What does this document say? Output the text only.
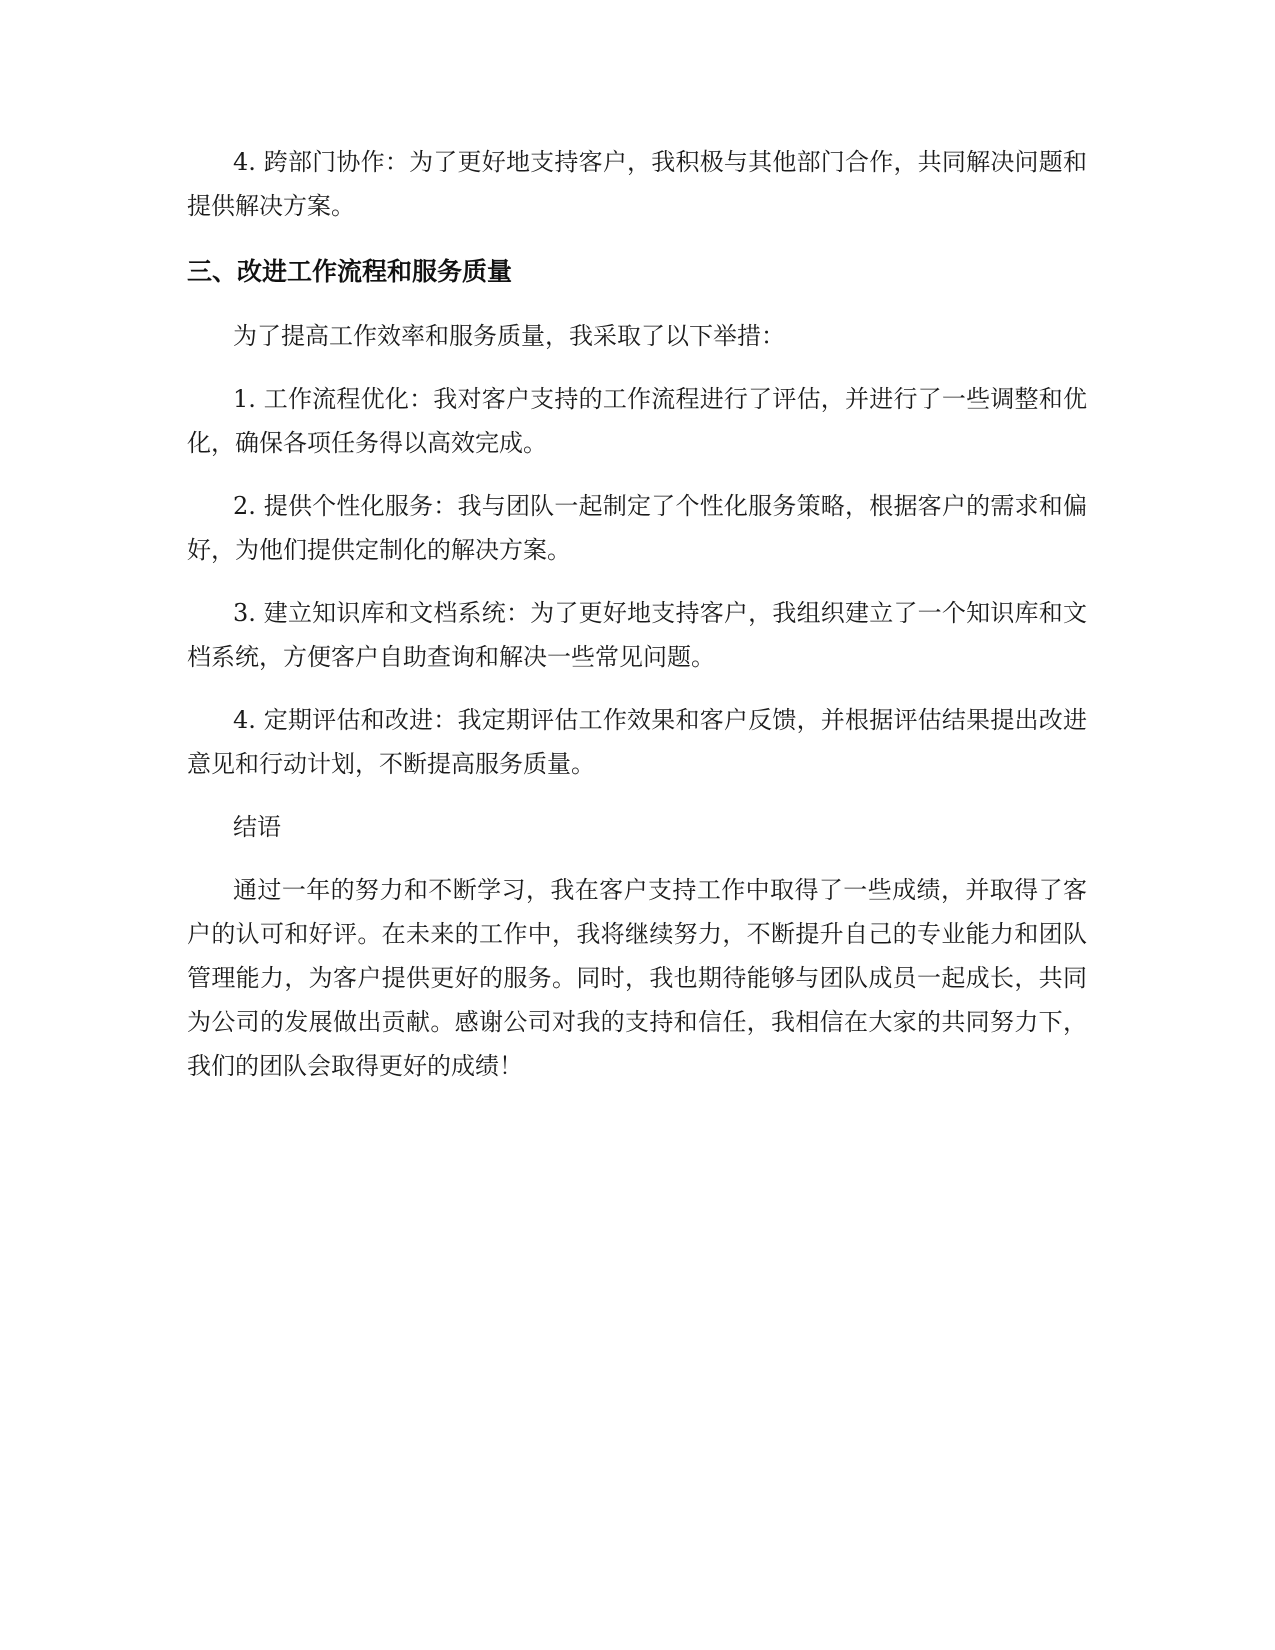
4. 跨部门协作：为了更好地支持客户，我积极与其他部门合作，共同解决问题和提供解决方案。

三、改进工作流程和服务质量

为了提高工作效率和服务质量，我采取了以下举措：

1. 工作流程优化：我对客户支持的工作流程进行了评估，并进行了一些调整和优化，确保各项任务得以高效完成。

2. 提供个性化服务：我与团队一起制定了个性化服务策略，根据客户的需求和偏好，为他们提供定制化的解决方案。

3. 建立知识库和文档系统：为了更好地支持客户，我组织建立了一个知识库和文档系统，方便客户自助查询和解决一些常见问题。

4. 定期评估和改进：我定期评估工作效果和客户反馈，并根据评估结果提出改进意见和行动计划，不断提高服务质量。

结语

通过一年的努力和不断学习，我在客户支持工作中取得了一些成绩，并取得了客户的认可和好评。在未来的工作中，我将继续努力，不断提升自己的专业能力和团队管理能力，为客户提供更好的服务。同时，我也期待能够与团队成员一起成长，共同为公司的发展做出贡献。感谢公司对我的支持和信任，我相信在大家的共同努力下，我们的团队会取得更好的成绩！
